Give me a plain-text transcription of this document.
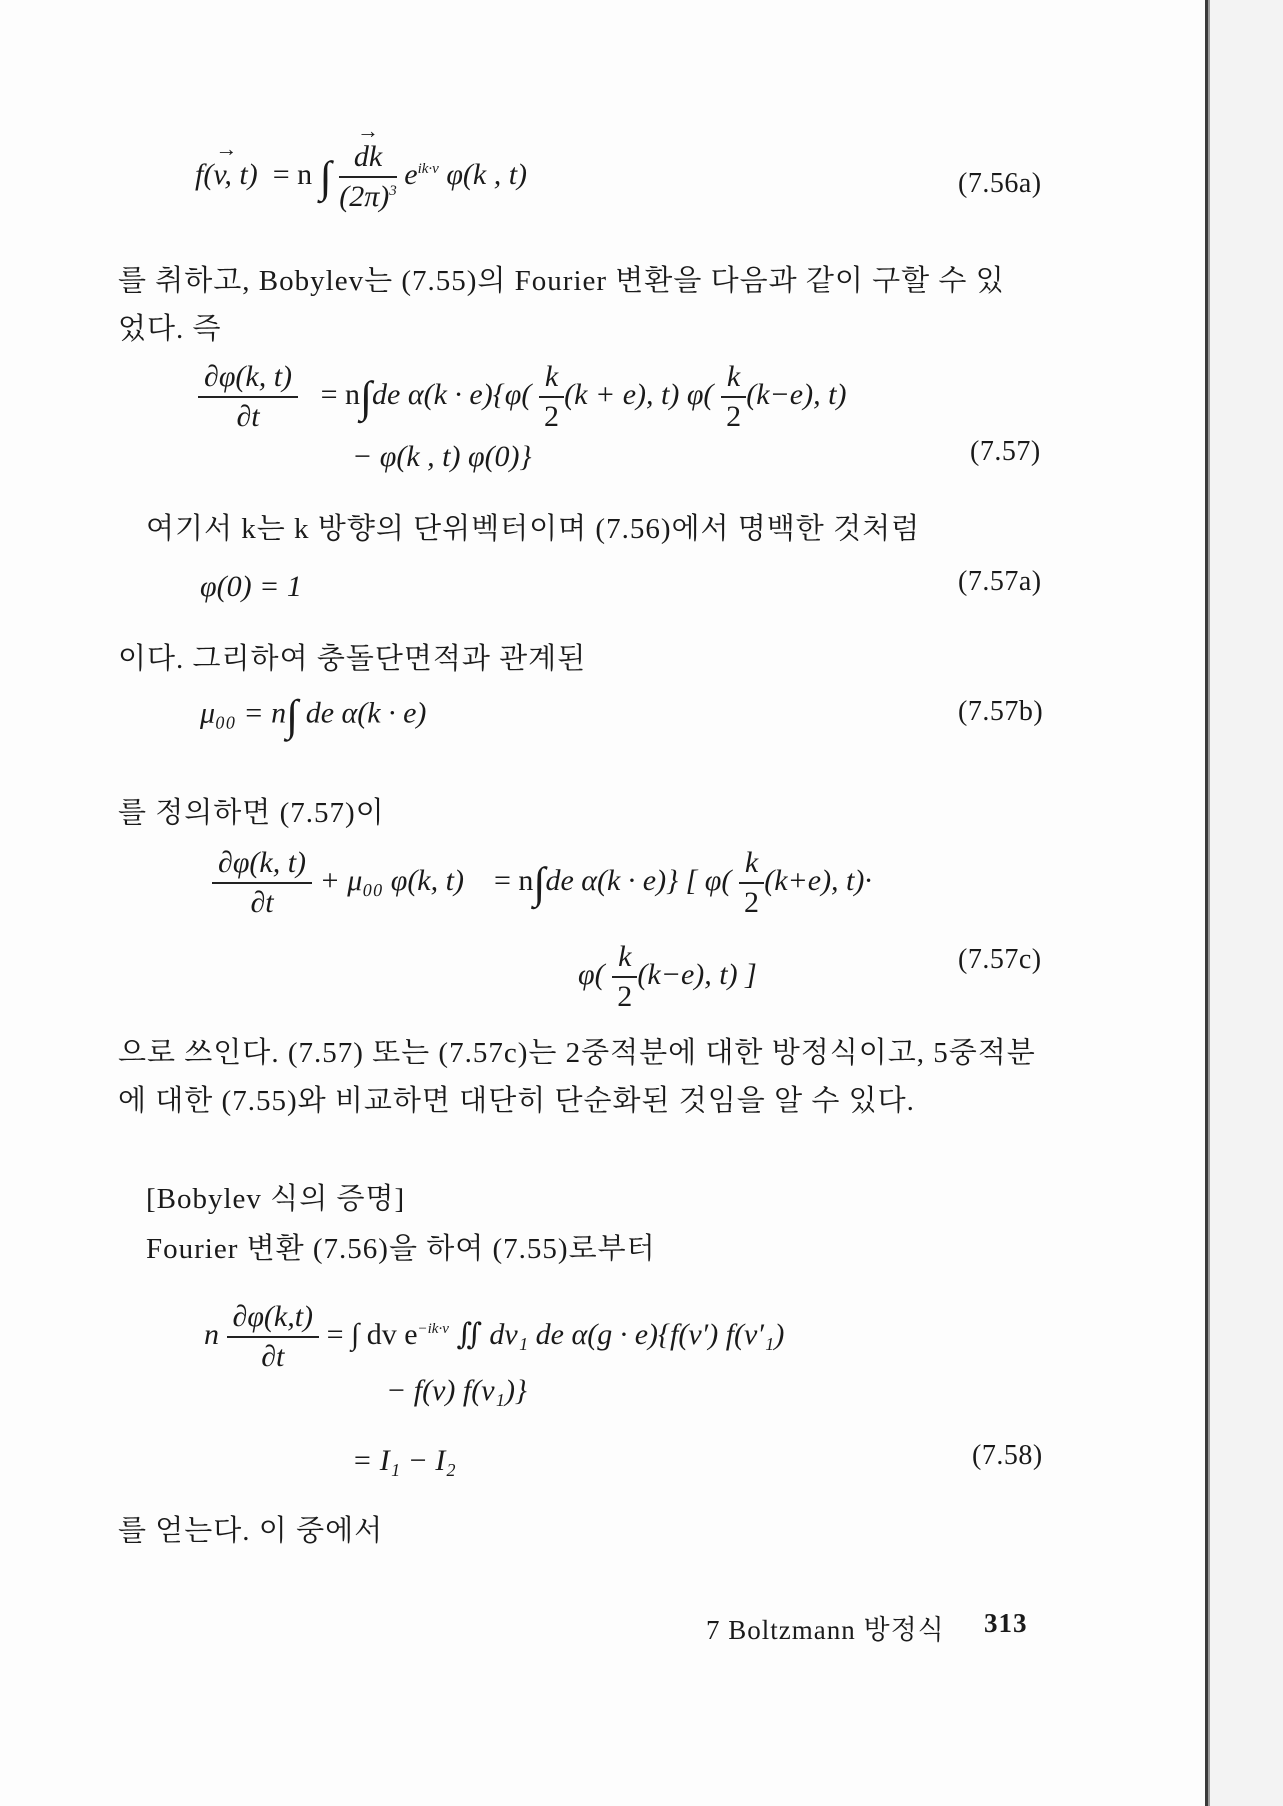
→ f(v, t) = n ∫
→ $\frac{dk}{(2\pi)^3} e^{ik\cdot v}$ φ(k , t)	(7.56a)
를 취하고, Bobylev는 (7.55)의 Fourier 변환을 다음과 같이 구할 수 있
었다. 즉
$\frac{\partial\varphi(k, t)}{\partial t} = n\int de$ $\alpha(k \cdot e)\{\varphi( \frac{k}{2} (k + e)$, t) $\varphi( \frac{k}{2} (k-e)$, t)
− φ(k , t) φ(0)}	(7.57)
여기서 k는 k 방향의 단위벡터이며 (7.56)에서 명백한 것처럼
φ(0) = 1	(7.57a)
이다. 그리하여 충돌단면적과 관계된
μ₀₀ = n∫ de α(k · e)	(7.57b)
를 정의하면 (7.57)이
$\frac{\partial\varphi(k, t)}{\partial t} + \mu_{00}$ φ(k, t) = n∫de α(k · e)} [ $\varphi( \frac{k}{2} (k+e)$, t)·
$\varphi( \frac{k}{2} (k-e)$, t) ]	(7.57c)
으로 쓰인다. (7.57) 또는 (7.57c)는 2중적분에 대한 방정식이고, 5중적분
에 대한 (7.55)와 비교하면 대단히 단순화된 것임을 알 수 있다.
[Bobylev 식의 증명]
Fourier 변환 (7.56)을 하여 (7.55)로부터
n $\frac{\partial\varphi(k,t)}{\partial t}$ = ∫ dv $e^{-ik\cdot v}$ ∬ dv₁ de α(g · e){f(v′) f(v′₁)
− f(v) f(v₁)}
= I₁ − I₂	(7.58)
를 얻는다. 이 중에서
7 Boltzmann 방정식 313
